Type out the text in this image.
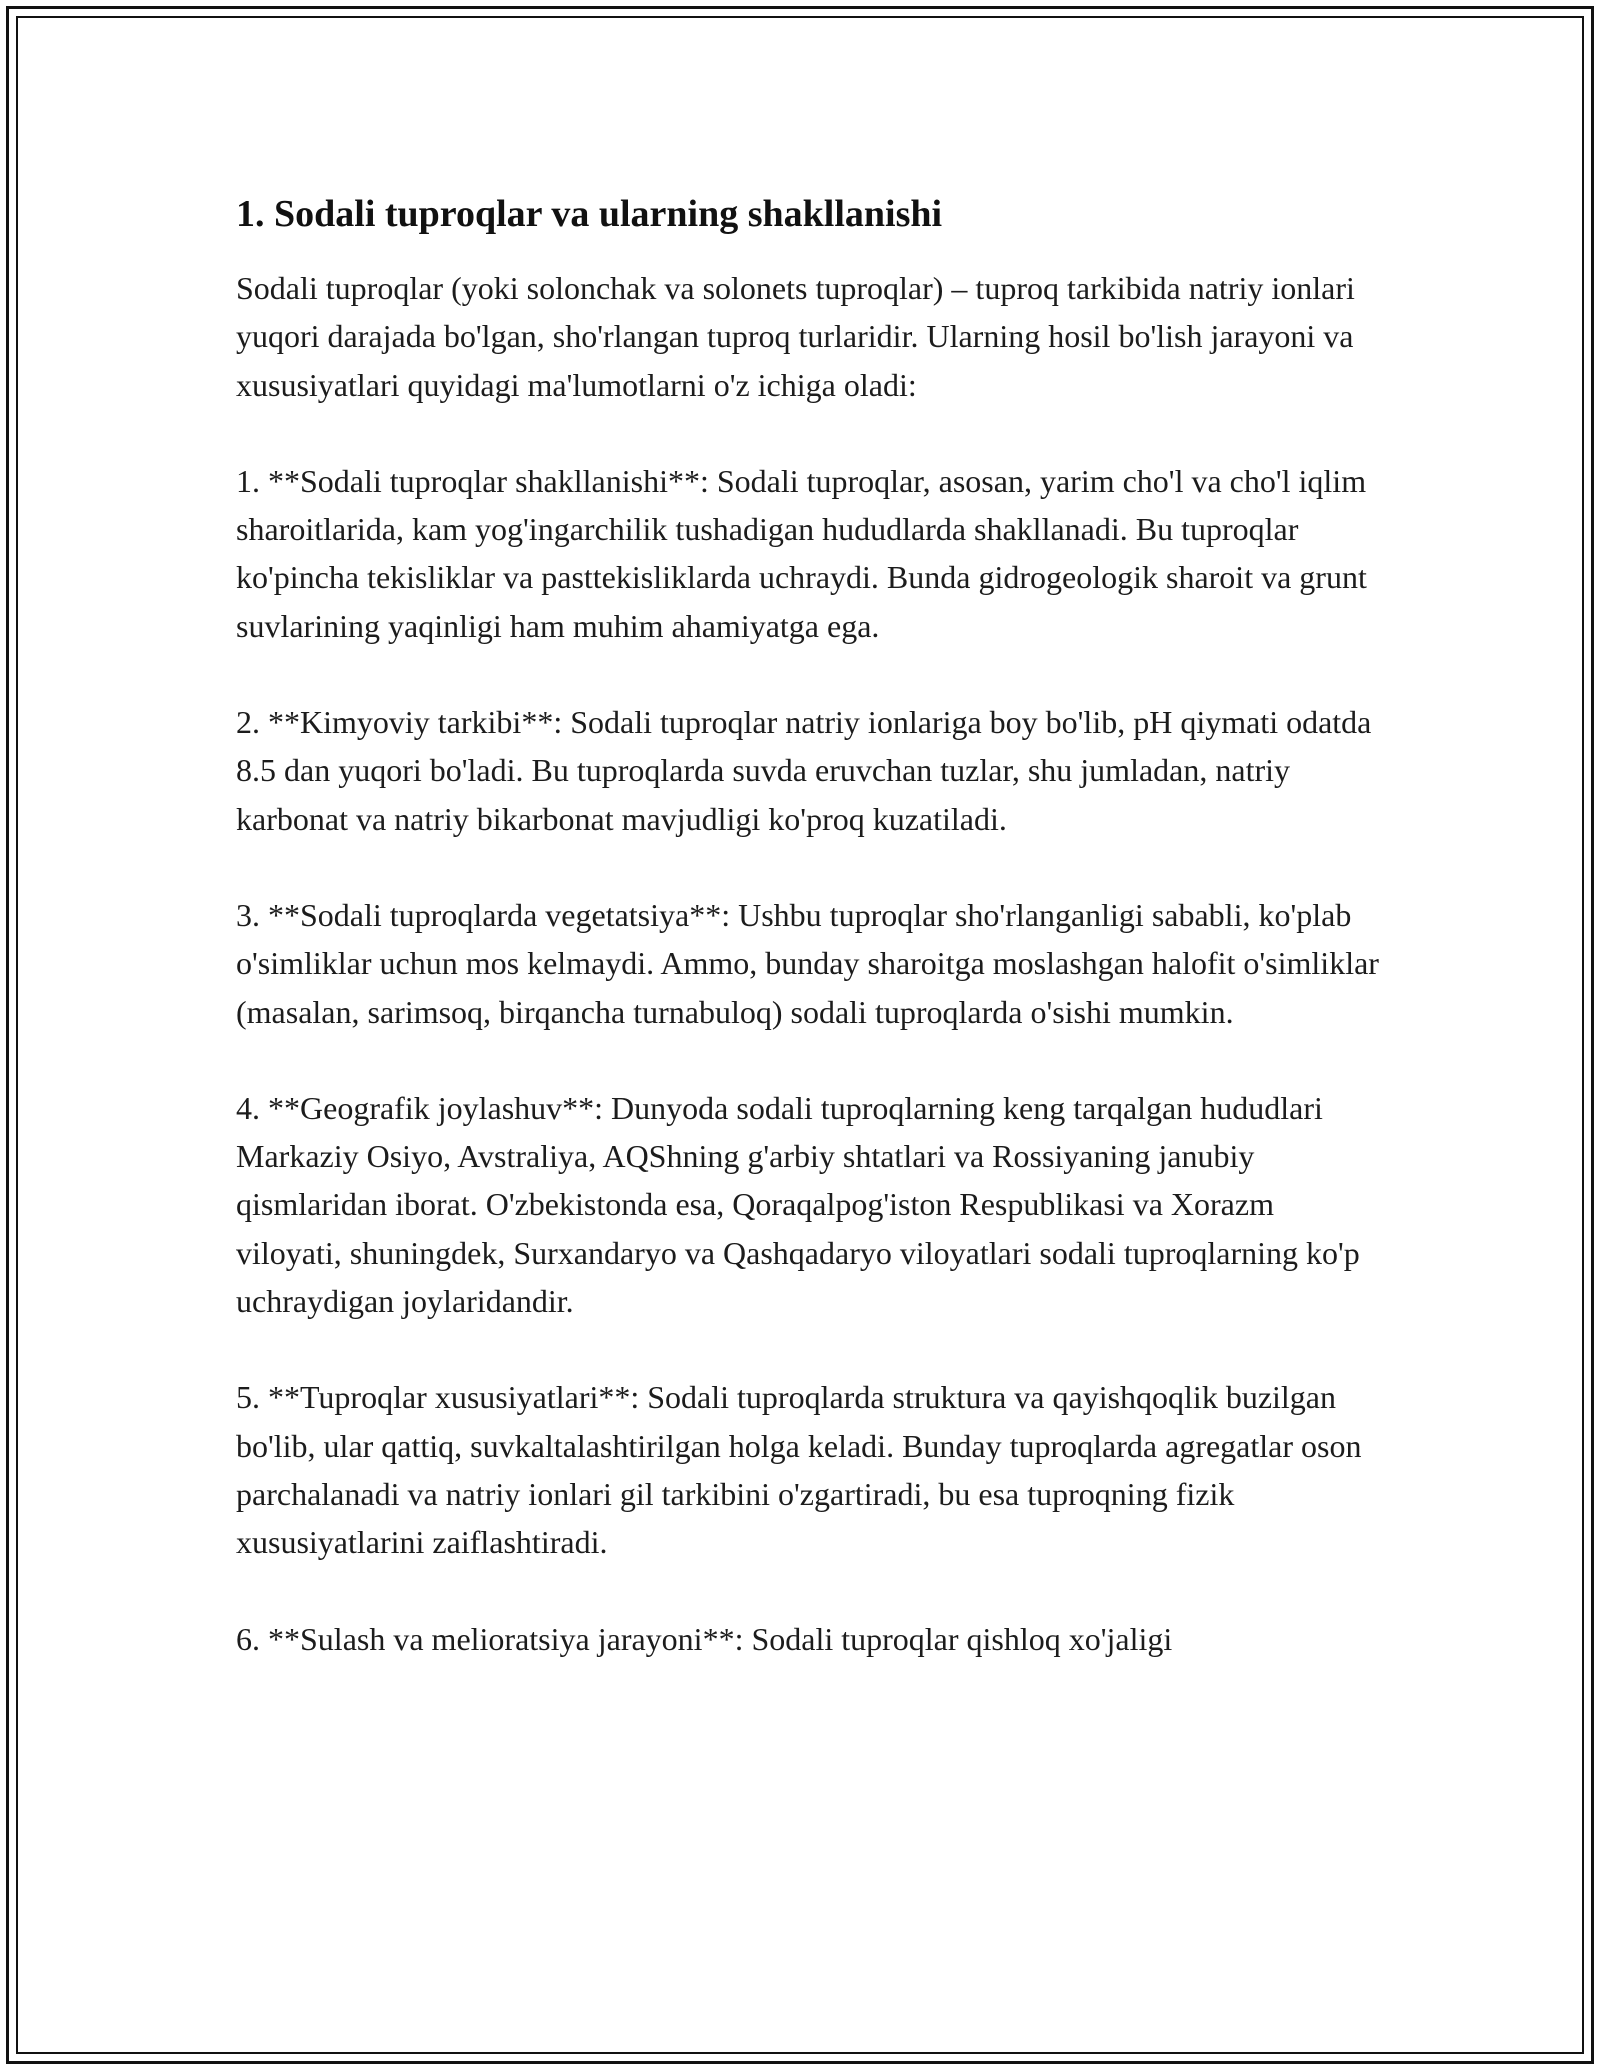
1. Sodali tuproqlar va ularning shakllanishi

Sodali tuproqlar (yoki solonchak va solonets tuproqlar) – tuproq tarkibida natriy ionlari yuqori darajada bo'lgan, sho'rlangan tuproq turlaridir. Ularning hosil bo'lish jarayoni va xususiyatlari quyidagi ma'lumotlarni o'z ichiga oladi:

1. **Sodali tuproqlar shakllanishi**: Sodali tuproqlar, asosan, yarim cho'l va cho'l iqlim sharoitlarida, kam yog'ingarchilik tushadigan hududlarda shakllanadi. Bu tuproqlar ko'pincha tekisliklar va pasttekisliklarda uchraydi. Bunda gidrogeologik sharoit va grunt suvlarining yaqinligi ham muhim ahamiyatga ega.

2. **Kimyoviy tarkibi**: Sodali tuproqlar natriy ionlariga boy bo'lib, pH qiymati odatda 8.5 dan yuqori bo'ladi. Bu tuproqlarda suvda eruvchan tuzlar, shu jumladan, natriy karbonat va natriy bikarbonat mavjudligi ko'proq kuzatiladi.

3. **Sodali tuproqlarda vegetatsiya**: Ushbu tuproqlar sho'rlanganligi sababli, ko'plab o'simliklar uchun mos kelmaydi. Ammo, bunday sharoitga moslashgan halofit o'simliklar (masalan, sarimsoq, birqancha turnabuloq) sodali tuproqlarda o'sishi mumkin.

4. **Geografik joylashuv**: Dunyoda sodali tuproqlarning keng tarqalgan hududlari Markaziy Osiyo, Avstraliya, AQShning g'arbiy shtatlari va Rossiyaning janubiy qismlaridan iborat. O'zbekistonda esa, Qoraqalpog'iston Respublikasi va Xorazm viloyati, shuningdek, Surxandaryo va Qashqadaryo viloyatlari sodali tuproqlarning ko'p uchraydigan joylaridandir.

5. **Tuproqlar xususiyatlari**: Sodali tuproqlarda struktura va qayishqoqlik buzilgan bo'lib, ular qattiq, suvkaltalashtirilgan holga keladi. Bunday tuproqlarda agregatlar oson parchalanadi va natriy ionlari gil tarkibini o'zgartiradi, bu esa tuproqning fizik xususiyatlarini zaiflashtiradi.

6. **Sulash va melioratsiya jarayoni**: Sodali tuproqlar qishloq xo'jaligi
